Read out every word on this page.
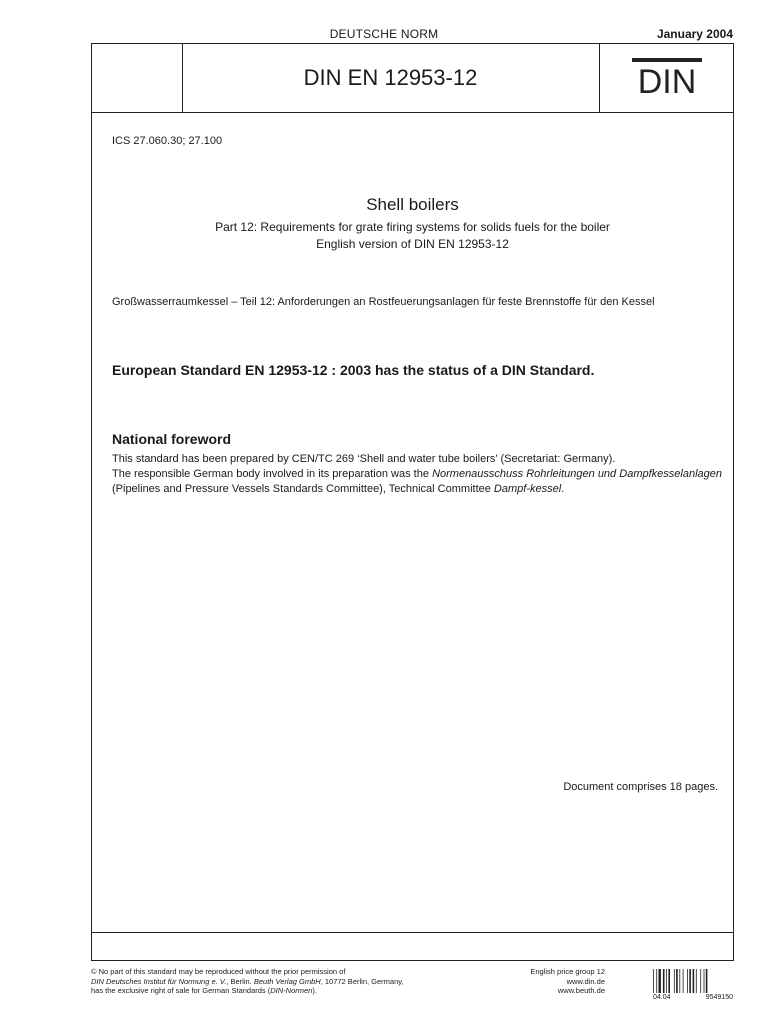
DEUTSCHE NORM	January 2004
DIN EN 12953-12	DIN
ICS 27.060.30; 27.100
Shell boilers
Part 12: Requirements for grate firing systems for solids fuels for the boiler
English version of DIN EN 12953-12
Großwasserraumkessel – Teil 12: Anforderungen an Rostfeuerungsanlagen für feste Brennstoffe für den Kessel
European Standard EN 12953-12 : 2003 has the status of a DIN Standard.
National foreword
This standard has been prepared by CEN/TC 269 ‘Shell and water tube boilers’ (Secretariat: Germany).
The responsible German body involved in its preparation was the Normenausschuss Rohrleitungen und Dampfkesselanlagen (Pipelines and Pressure Vessels Standards Committee), Technical Committee Dampf-kessel.
Document comprises 18 pages.
© No part of this standard may be reproduced without the prior permission of
DIN Deutsches Institut für Normung e. V., Berlin. Beuth Verlag GmbH, 10772 Berlin, Germany,
has the exclusive right of sale for German Standards (DIN-Normen).
English price group 12
www.din.de
www.beuth.de
04.04	9549150
